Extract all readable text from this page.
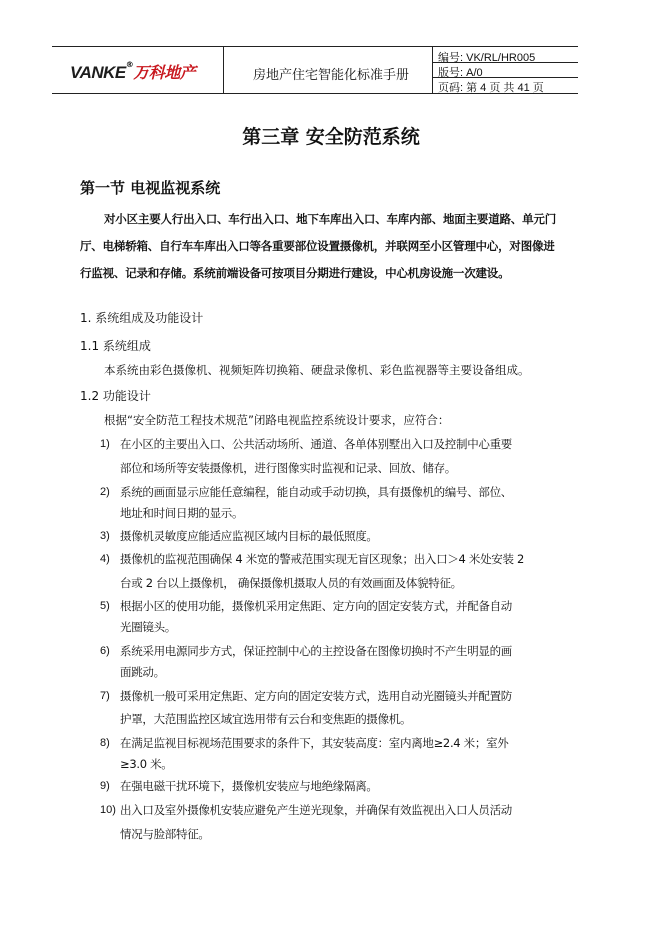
VANKE®万科地产	房地产住宅智能化标准手册
编号: VK/RL/HR005
版号: A/0
页码: 第 4 页 共 41 页
第三章 安全防范系统
第一节 电视监视系统
对小区主要人行出入口、车行出入口、地下车库出入口、车库内部、地面主要道路、单元门
厅、电梯轿箱、自行车车库出入口等各重要部位设置摄像机，并联网至小区管理中心，对图像进
行监视、记录和存储。系统前端设备可按项目分期进行建设，中心机房设施一次建设。
1. 系统组成及功能设计
1.1 系统组成
本系统由彩色摄像机、视频矩阵切换箱、硬盘录像机、彩色监视器等主要设备组成。
1.2 功能设计
根据“安全防范工程技术规范”闭路电视监控系统设计要求，应符合：
1) 在小区的主要出入口、公共活动场所、通道、各单体别墅出入口及控制中心重要
部位和场所等安装摄像机，进行图像实时监视和记录、回放、储存。
2) 系统的画面显示应能任意编程，能自动或手动切换，具有摄像机的编号、部位、
地址和时间日期的显示。
3) 摄像机灵敏度应能适应监视区域内目标的最低照度。
4) 摄像机的监视范围确保 4 米宽的警戒范围实现无盲区现象；出入口＞4 米处安装 2
台或 2 台以上摄像机， 确保摄像机摄取人员的有效画面及体貌特征。
5) 根据小区的使用功能，摄像机采用定焦距、定方向的固定安装方式，并配备自动
光圈镜头。
6) 系统采用电源同步方式，保证控制中心的主控设备在图像切换时不产生明显的画
面跳动。
7) 摄像机一般可采用定焦距、定方向的固定安装方式，选用自动光圈镜头并配置防
护罩，大范围监控区域宜选用带有云台和变焦距的摄像机。
8) 在满足监视目标视场范围要求的条件下，其安装高度：室内离地≥2.4 米；室外
≥3.0 米。
9) 在强电磁干扰环境下，摄像机安装应与地绝缘隔离。
10) 出入口及室外摄像机安装应避免产生逆光现象，并确保有效监视出入口人员活动
情况与脸部特征。
